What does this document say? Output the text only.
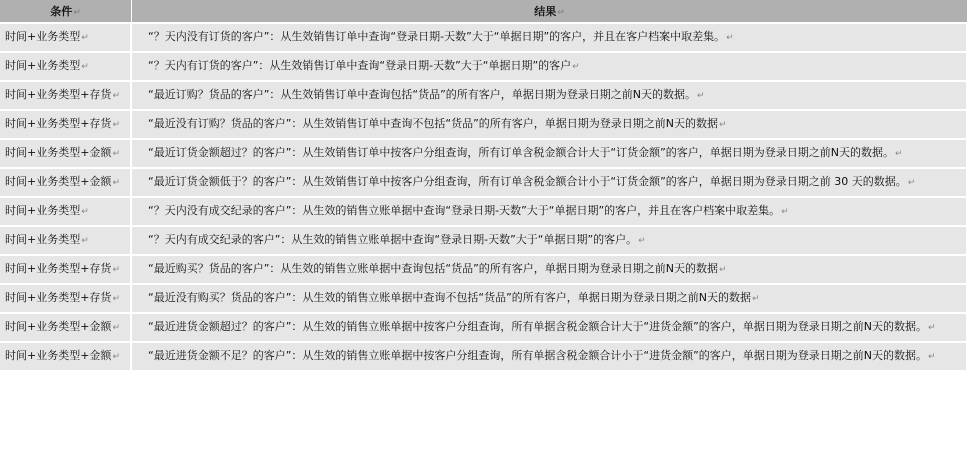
条件↵	结果↵
时间+业务类型↵	“？天内没有订货的客户”：从生效销售订单中查询“登录日期-天数”大于“单据日期”的客户，并且在客户档案中取差集。↵
时间+业务类型↵	“？天内有订货的客户”：从生效销售订单中查询“登录日期-天数”大于“单据日期”的客户↵
时间+业务类型+存货↵	“最近订购？货品的客户”：从生效销售订单中查询包括“货品”的所有客户，单据日期为登录日期之前N天的数据。↵
时间+业务类型+存货↵	“最近没有订购？货品的客户”：从生效销售订单中查询不包括“货品”的所有客户，单据日期为登录日期之前N天的数据↵
时间+业务类型+金额↵	“最近订货金额超过？的客户”：从生效销售订单中按客户分组查询，所有订单含税金额合计大于“订货金额”的客户，单据日期为登录日期之前N天的数据。↵
时间+业务类型+金额↵	“最近订货金额低于？的客户”：从生效销售订单中按客户分组查询，所有订单含税金额合计小于“订货金额”的客户，单据日期为登录日期之前 30 天的数据。↵
时间+业务类型↵	“？天内没有成交纪录的客户”：从生效的销售立账单据中查询“登录日期-天数”大于“单据日期”的客户，并且在客户档案中取差集。↵
时间+业务类型↵	“？天内有成交纪录的客户”：从生效的销售立账单据中查询“登录日期-天数”大于“单据日期”的客户。↵
时间+业务类型+存货↵	“最近购买？货品的客户”：从生效的销售立账单据中查询包括“货品”的所有客户，单据日期为登录日期之前N天的数据↵
时间+业务类型+存货↵	“最近没有购买？货品的客户”：从生效的销售立账单据中查询不包括“货品”的所有客户，单据日期为登录日期之前N天的数据↵
时间+业务类型+金额↵	“最近进货金额超过？的客户”：从生效的销售立账单据中按客户分组查询，所有单据含税金额合计大于“进货金额”的客户，单据日期为登录日期之前N天的数据。↵
时间+业务类型+金额↵	“最近进货金额不足？的客户”：从生效的销售立账单据中按客户分组查询，所有单据含税金额合计小于“进货金额”的客户，单据日期为登录日期之前N天的数据。↵
